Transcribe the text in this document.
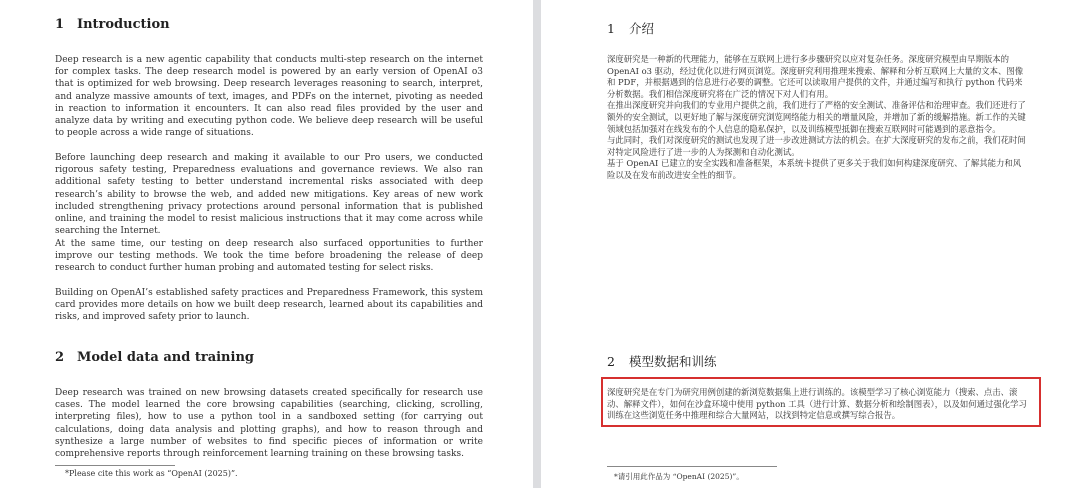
1 Introduction

Deep research is a new agentic capability that conducts multi-step research on the internet for complex tasks. The deep research model is powered by an early version of OpenAI o3 that is optimized for web browsing. Deep research leverages reasoning to search, interpret, and analyze massive amounts of text, images, and PDFs on the internet, pivoting as needed in reaction to information it encounters. It can also read files provided by the user and analyze data by writing and executing python code. We believe deep research will be useful to people across a wide range of situations.

Before launching deep research and making it available to our Pro users, we conducted rigorous safety testing, Preparedness evaluations and governance reviews. We also ran additional safety testing to better understand incremental risks associated with deep research’s ability to browse the web, and added new mitigations. Key areas of new work included strengthening privacy protections around personal information that is published online, and training the model to resist malicious instructions that it may come across while searching the Internet.

At the same time, our testing on deep research also surfaced opportunities to further improve our testing methods. We took the time before broadening the release of deep research to conduct further human probing and automated testing for select risks.

Building on OpenAI’s established safety practices and Preparedness Framework, this system card provides more details on how we built deep research, learned about its capabilities and risks, and improved safety prior to launch.

2 Model data and training

Deep research was trained on new browsing datasets created specifically for research use cases. The model learned the core browsing capabilities (searching, clicking, scrolling, interpreting files), how to use a python tool in a sandboxed setting (for carrying out calculations, doing data analysis and plotting graphs), and how to reason through and synthesize a large number of websites to find specific pieces of information or write comprehensive reports through reinforcement learning training on these browsing tasks.

*Please cite this work as “OpenAI (2025)”.

1 介绍
深度研究是一种新的代理能力，能够在互联网上进行多步骤研究以应对复杂任务。深度研究模型由早期版本的 OpenAI o3 驱动，经过优化以进行网页浏览。深度研究利用推理来搜索、解释和分析互联网上大量的文本、图像和 PDF，并根据遇到的信息进行必要的调整。它还可以读取用户提供的文件，并通过编写和执行 python 代码来分析数据。我们相信深度研究将在广泛的情况下对人们有用。
在推出深度研究并向我们的专业用户提供之前，我们进行了严格的安全测试、准备评估和治理审查。我们还进行了额外的安全测试，以更好地了解与深度研究浏览网络能力相关的增量风险，并增加了新的缓解措施。新工作的关键领域包括加强对在线发布的个人信息的隐私保护，以及训练模型抵御在搜索互联网时可能遇到的恶意指令。
与此同时，我们对深度研究的测试也发现了进一步改进测试方法的机会。在扩大深度研究的发布之前，我们花时间对特定风险进行了进一步的人为探测和自动化测试。
基于 OpenAI 已建立的安全实践和准备框架，本系统卡提供了更多关于我们如何构建深度研究、了解其能力和风险以及在发布前改进安全性的细节。
2 模型数据和训练

深度研究是在专门为研究用例创建的新浏览数据集上进行训练的。该模型学习了核心浏览能力（搜索、点击、滚动、解释文件），如何在沙盒环境中使用 python 工具（进行计算、数据分析和绘制图表），以及如何通过强化学习训练在这些浏览任务中推理和综合大量网站，以找到特定信息或撰写综合报告。

*请引用此作品为 “OpenAI (2025)”。
